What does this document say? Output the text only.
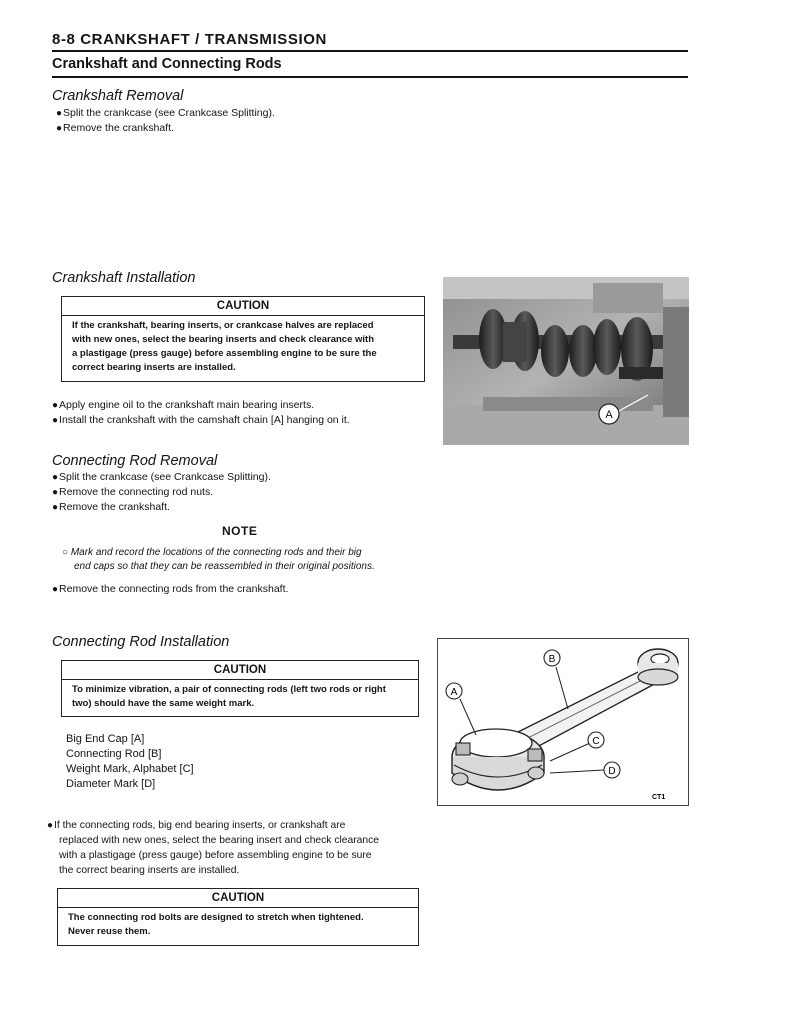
8-8 CRANKSHAFT / TRANSMISSION
Crankshaft and Connecting Rods
Crankshaft Removal
●Split the crankcase (see Crankcase Splitting).
●Remove the crankshaft.
Crankshaft Installation
CAUTION
If the crankshaft, bearing inserts, or crankcase halves are replaced
with new ones, select the bearing inserts and check clearance with
a plastigage (press gauge) before assembling engine to be sure the
correct bearing inserts are installed.
●Apply engine oil to the crankshaft main bearing inserts.
●Install the crankshaft with the camshaft chain [A] hanging on it.	A
Connecting Rod Removal
●Split the crankcase (see Crankcase Splitting).
●Remove the connecting rod nuts.
●Remove the crankshaft.
NOTE
○ Mark and record the locations of the connecting rods and their big
end caps so that they can be reassembled in their original positions.
●Remove the connecting rods from the crankshaft.
Connecting Rod Installation
CAUTION
To minimize vibration, a pair of connecting rods (left two rods or right
two) should have the same weight mark.
Big End Cap [A]
Connecting Rod [B]
Weight Mark, Alphabet [C]
Diameter Mark [D]
A
B
C
D
CT1
●If the connecting rods, big end bearing inserts, or crankshaft are
replaced with new ones, select the bearing insert and check clearance
with a plastigage (press gauge) before assembling engine to be sure
the correct bearing inserts are installed.
CAUTION
The connecting rod bolts are designed to stretch when tightened.
Never reuse them.
